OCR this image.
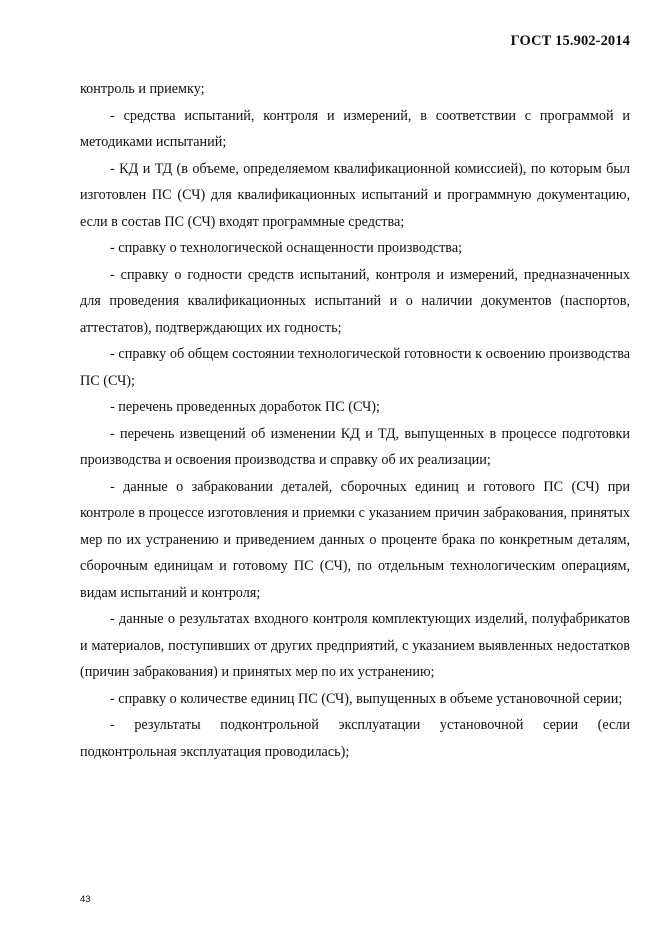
ГОСТ 15.902-2014

контроль и приемку;

- средства испытаний, контроля и измерений, в соответствии с программой и методиками испытаний;

- КД и ТД (в объеме, определяемом квалификационной комиссией), по которым был изготовлен ПС (СЧ) для квалификационных испытаний и программную документацию, если в состав ПС (СЧ) входят программные средства;

- справку о технологической оснащенности производства;

- справку о годности средств испытаний, контроля и измерений, предназначенных для проведения квалификационных испытаний и о наличии документов (паспортов, аттестатов), подтверждающих их годность;

- справку об общем состоянии технологической готовности к освоению производства ПС (СЧ);

- перечень проведенных доработок ПС (СЧ);

- перечень извещений об изменении КД и ТД, выпущенных в процессе подготовки производства и освоения производства и справку об их реализации;

- данные о забраковании деталей, сборочных единиц и готового ПС (СЧ) при контроле в процессе изготовления и приемки с указанием причин забракования, принятых мер по их устранению и приведением данных о проценте брака по конкретным деталям, сборочным единицам и готовому ПС (СЧ), по отдельным технологическим операциям, видам испытаний и контроля;

- данные о результатах входного контроля комплектующих изделий, полуфабрикатов и материалов, поступивших от других предприятий, с указанием выявленных недостатков (причин забракования) и принятых мер по их устранению;

- справку о количестве единиц ПС (СЧ), выпущенных в объеме установочной серии;

- результаты подконтрольной эксплуатации установочной серии (если подконтрольная эксплуатация проводилась);

43
